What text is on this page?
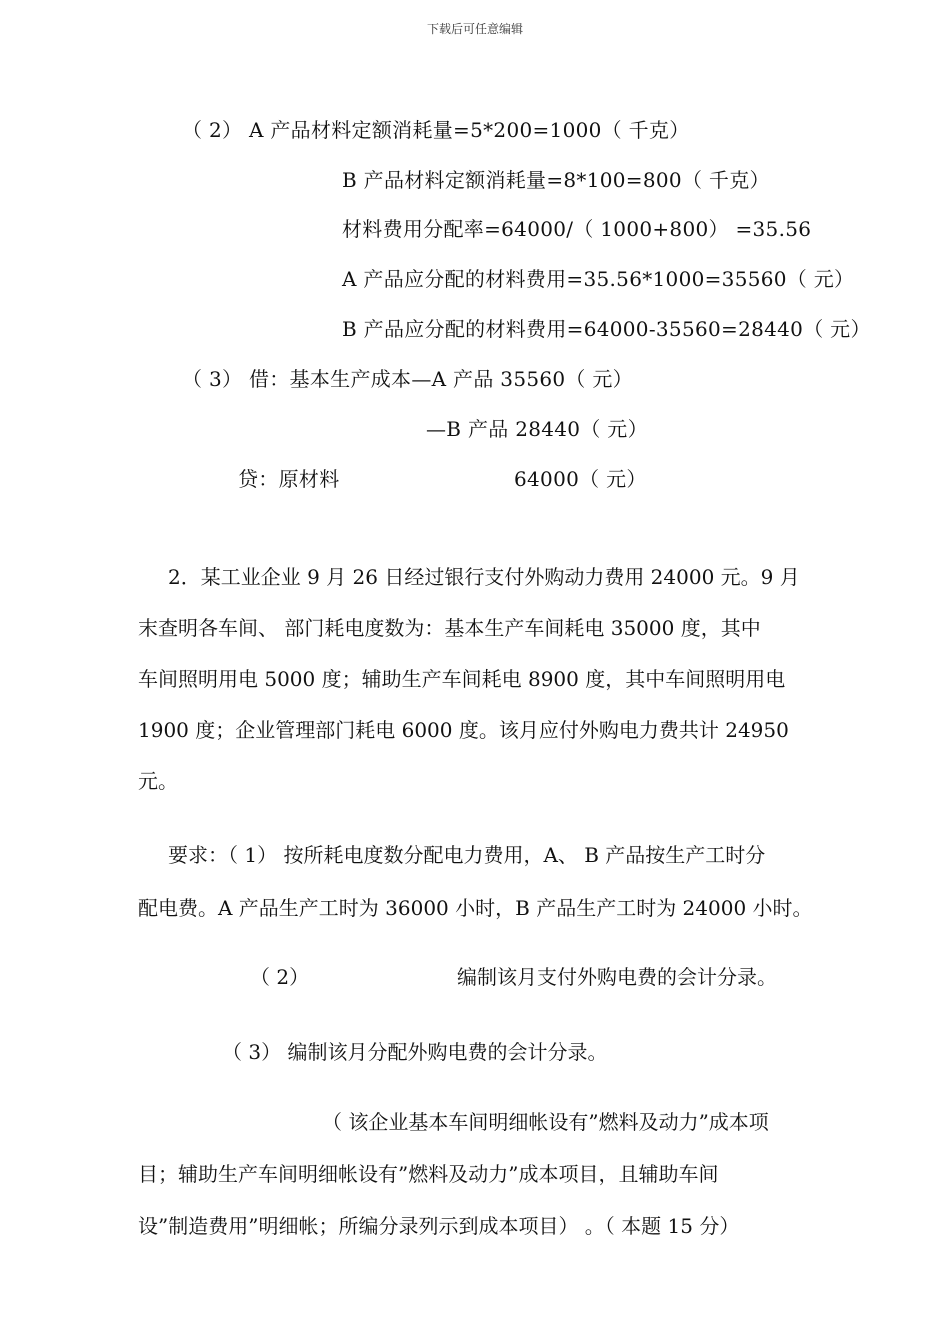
下载后可任意编辑
（ 2） A 产品材料定额消耗量=5*200=1000（ 千克）
B 产品材料定额消耗量=8*100=800（ 千克）
材料费用分配率=64000/（ 1000+800） =35.56
A 产品应分配的材料费用=35.56*1000=35560（ 元）
B 产品应分配的材料费用=64000-35560=28440（ 元）
（ 3） 借：基本生产成本—A 产品 35560（ 元）
—B 产品 28440（ 元）
贷：原材料	64000（ 元）
2．某工业企业 9 月 26 日经过银行支付外购动力费用 24000 元。9 月
末查明各车间、 部门耗电度数为：基本生产车间耗电 35000 度，其中
车间照明用电 5000 度；辅助生产车间耗电 8900 度，其中车间照明用电
1900 度；企业管理部门耗电 6000 度。该月应付外购电力费共计 24950
元。
要求：（ 1） 按所耗电度数分配电力费用，A、 B 产品按生产工时分
配电费。A 产品生产工时为 36000 小时，B 产品生产工时为 24000 小时。
（ 2）	编制该月支付外购电费的会计分录。
（ 3） 编制该月分配外购电费的会计分录。
（ 该企业基本车间明细帐设有”燃料及动力”成本项
目；辅助生产车间明细帐设有”燃料及动力”成本项目，且辅助车间
设”制造费用”明细帐；所编分录列示到成本项目） 。（ 本题 15 分）
